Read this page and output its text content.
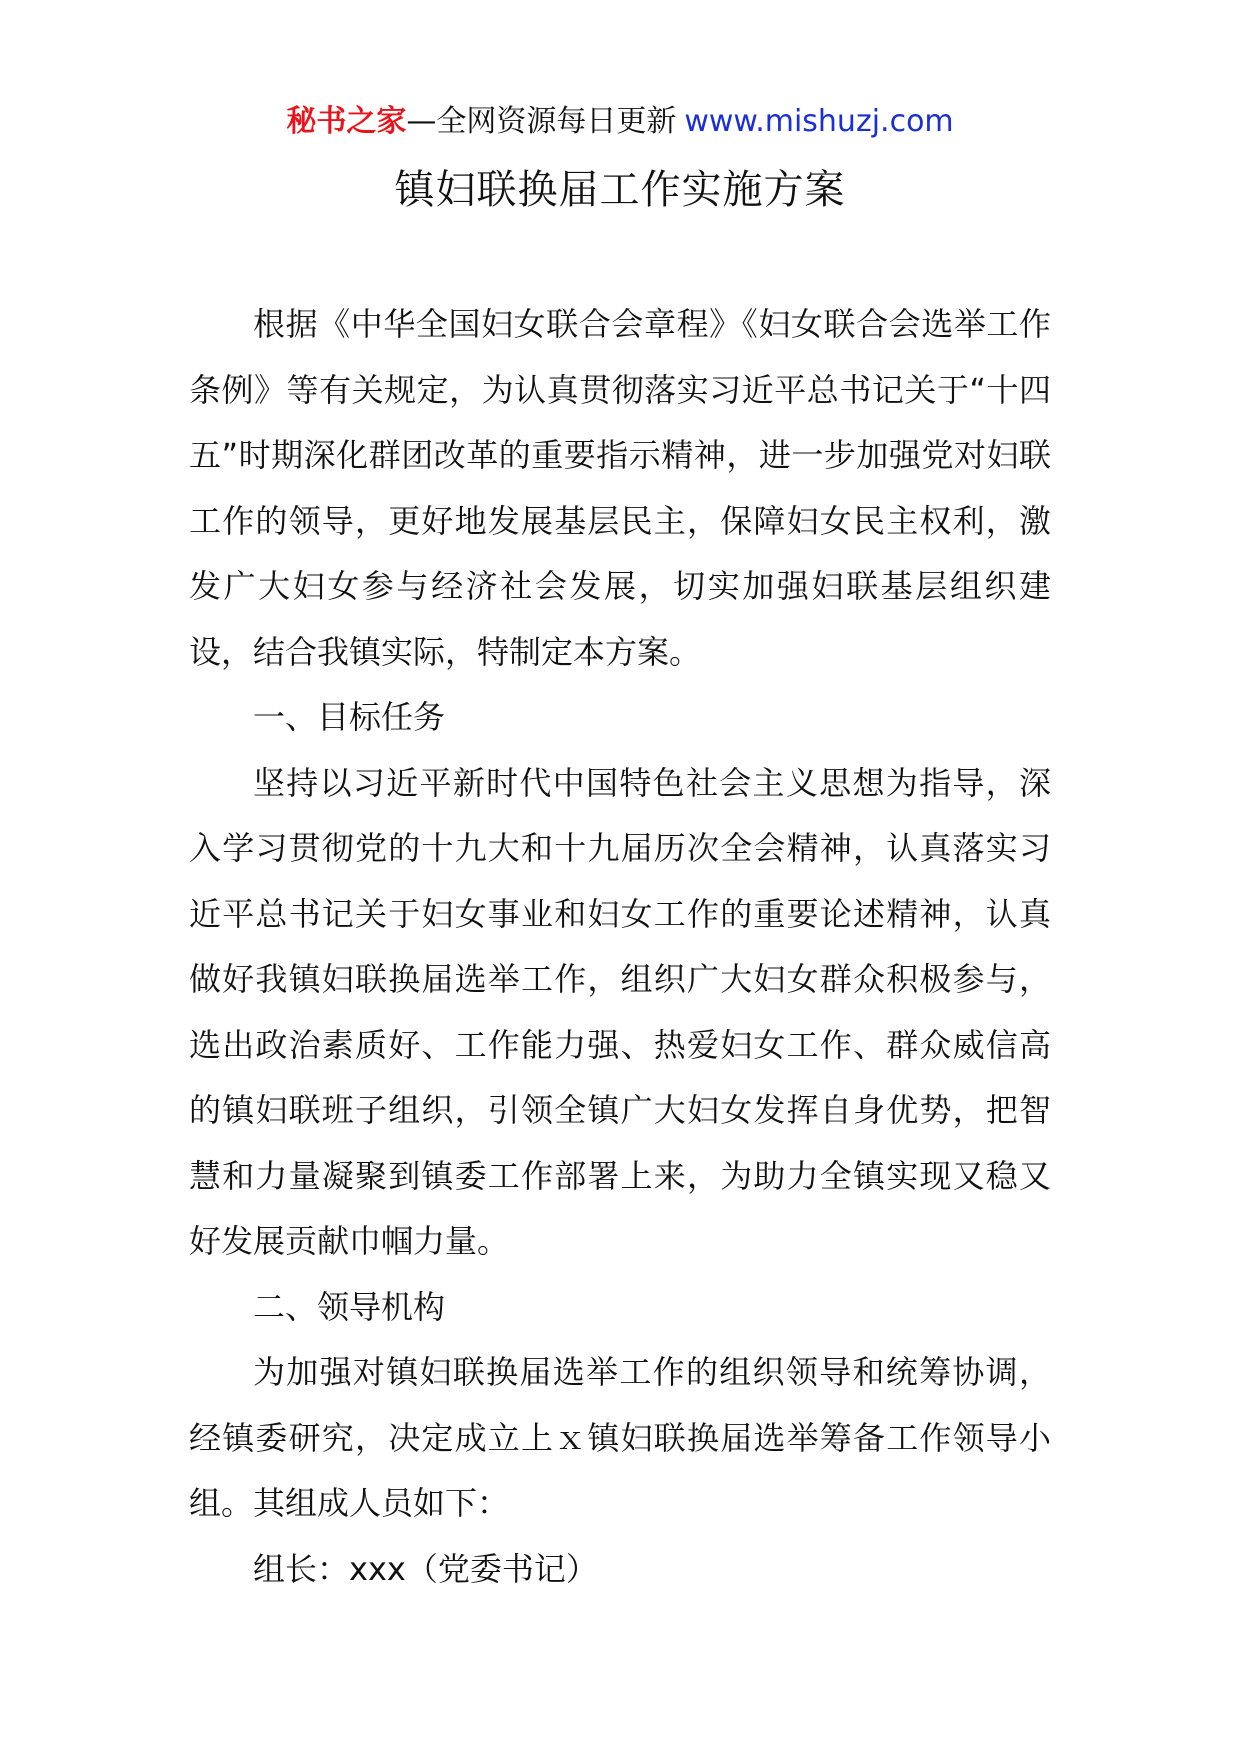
秘书之家—全网资源每日更新 www.mishuzj.com
镇妇联换届工作实施方案

根据《中华全国妇女联合会章程》《妇女联合会选举工作条例》等有关规定，为认真贯彻落实习近平总书记关于“十四五”时期深化群团改革的重要指示精神，进一步加强党对妇联工作的领导，更好地发展基层民主，保障妇女民主权利，激发广大妇女参与经济社会发展，切实加强妇联基层组织建设，结合我镇实际，特制定本方案。

一、目标任务

坚持以习近平新时代中国特色社会主义思想为指导，深入学习贯彻党的十九大和十九届历次全会精神，认真落实习近平总书记关于妇女事业和妇女工作的重要论述精神，认真做好我镇妇联换届选举工作，组织广大妇女群众积极参与，选出政治素质好、工作能力强、热爱妇女工作、群众威信高的镇妇联班子组织，引领全镇广大妇女发挥自身优势，把智慧和力量凝聚到镇委工作部署上来，为助力全镇实现又稳又好发展贡献巾帼力量。

二、领导机构

为加强对镇妇联换届选举工作的组织领导和统筹协调，经镇委研究，决定成立上ｘ镇妇联换届选举筹备工作领导小组。其组成人员如下：

组长：xxx（党委书记）
